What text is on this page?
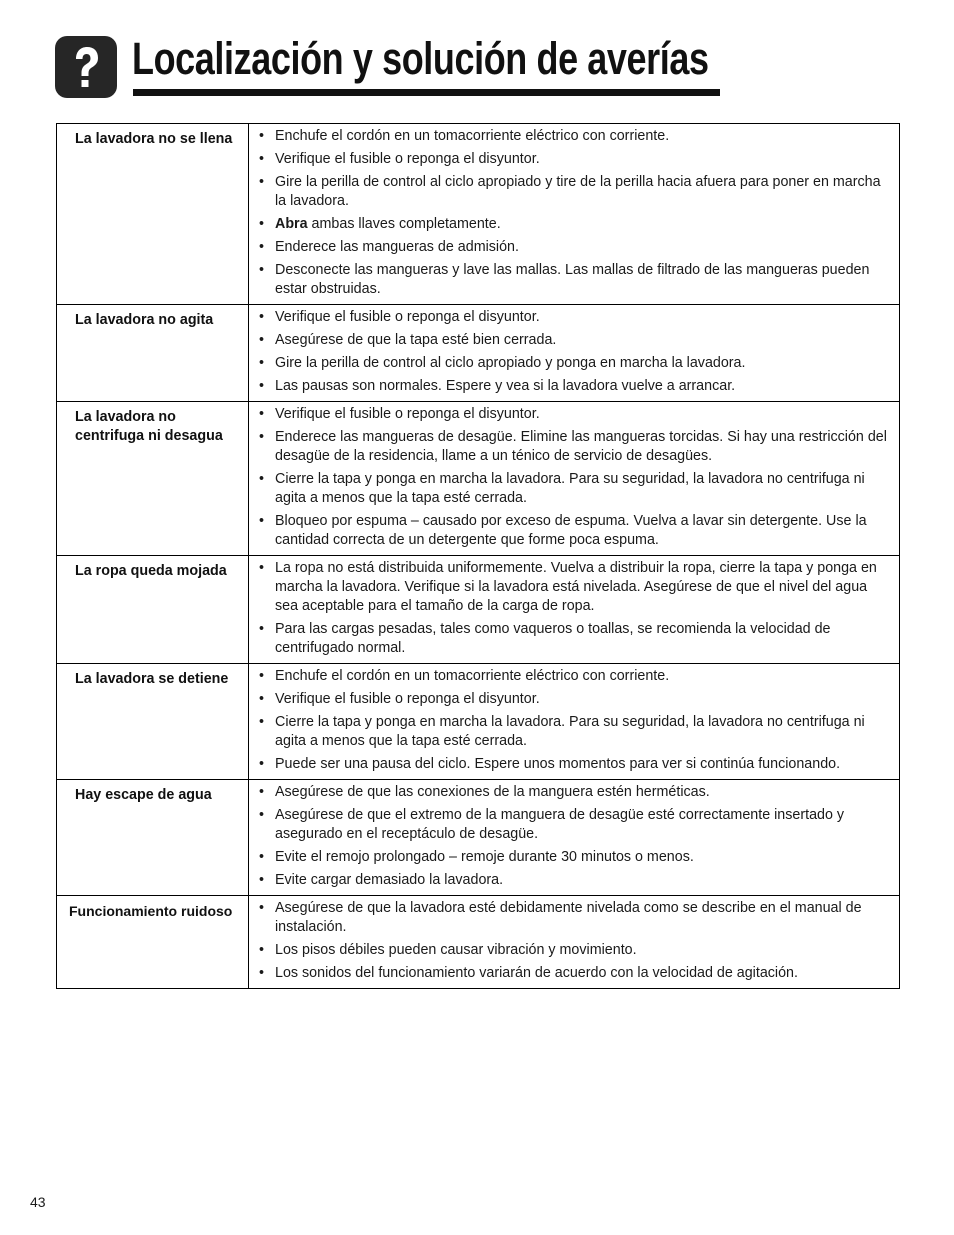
Localización y solución de averías
La lavadora no se llena	• Enchufe el cordón en un tomacorriente eléctrico con corriente.
• Verifique el fusible o reponga el disyuntor.
• Gire la perilla de control al ciclo apropiado y tire de la perilla hacia afuera para poner en marcha la lavadora.
• Abra ambas llaves completamente.
• Enderece las mangueras de admisión.
• Desconecte las mangueras y lave las mallas. Las mallas de filtrado de las mangueras pueden estar obstruidas.
La lavadora no agita	• Verifique el fusible o reponga el disyuntor.
• Asegúrese de que la tapa esté bien cerrada.
• Gire la perilla de control al ciclo apropiado y ponga en marcha la lavadora.
• Las pausas son normales. Espere y vea si la lavadora vuelve a arrancar.
La lavadora no centrifuga ni desagua
• Verifique el fusible o reponga el disyuntor.
• Enderece las mangueras de desagüe. Elimine las mangueras torcidas. Si hay una restricción del desagüe de la residencia, llame a un ténico de servicio de desagües.
• Cierre la tapa y ponga en marcha la lavadora. Para su seguridad, la lavadora no centrifuga ni agita a menos que la tapa esté cerrada.
• Bloqueo por espuma – causado por exceso de espuma. Vuelva a lavar sin detergente. Use la cantidad correcta de un detergente que forme poca espuma.
La ropa queda mojada	• La ropa no está distribuida uniformemente. Vuelva a distribuir la ropa, cierre la tapa y ponga en marcha la lavadora. Verifique si la lavadora está nivelada. Asegúrese de que el nivel del agua sea aceptable para el tamaño de la carga de ropa.
• Para las cargas pesadas, tales como vaqueros o toallas, se recomienda la velocidad de centrifugado normal.
La lavadora se detiene	• Enchufe el cordón en un tomacorriente eléctrico con corriente.
• Verifique el fusible o reponga el disyuntor.
• Cierre la tapa y ponga en marcha la lavadora. Para su seguridad, la lavadora no centrifuga ni agita a menos que la tapa esté cerrada.
• Puede ser una pausa del ciclo. Espere unos momentos para ver si continúa funcionando.
Hay escape de agua	• Asegúrese de que las conexiones de la manguera estén herméticas.
• Asegúrese de que el extremo de la manguera de desagüe esté correctamente insertado y asegurado en el receptáculo de desagüe.
• Evite el remojo prolongado – remoje durante 30 minutos o menos.
• Evite cargar demasiado la lavadora.
Funcionamiento ruidoso	• Asegúrese de que la lavadora esté debidamente nivelada como se describe en el manual de instalación.
• Los pisos débiles pueden causar vibración y movimiento.
• Los sonidos del funcionamiento variarán de acuerdo con la velocidad de agitación.
43
